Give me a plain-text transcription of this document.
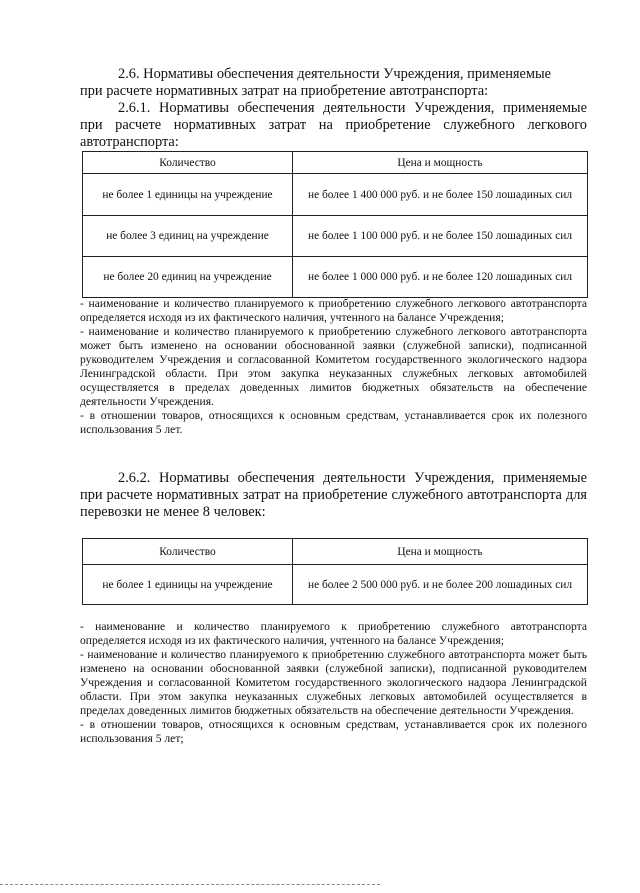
2.6. Нормативы обеспечения деятельности Учреждения, применяемые
при расчете нормативных затрат на приобретение автотранспорта:
2.6.1. Нормативы обеспечения деятельности Учреждения, применяемые при расчете нормативных затрат на приобретение служебного легкового автотранспорта:
Количество	Цена и мощность
не более 1 единицы на учреждение	не более 1 400 000 руб. и не более 150 лошадиных сил
не более 3 единиц на учреждение	не более 1 100 000 руб. и не более 150 лошадиных сил
не более 20 единиц на учреждение	не более 1 000 000 руб. и не более 120 лошадиных сил
- наименование и количество планируемого к приобретению служебного легкового автотранспорта определяется исходя из их фактического наличия, учтенного на балансе Учреждения;
- наименование и количество планируемого к приобретению служебного легкового автотранспорта может быть изменено на основании обоснованной заявки (служебной записки), подписанной руководителем Учреждения и согласованной Комитетом государственного экологического надзора Ленинградской области. При этом закупка неуказанных служебных легковых автомобилей осуществляется в пределах доведенных лимитов бюджетных обязательств на обеспечение деятельности Учреждения.
- в отношении товаров, относящихся к основным средствам, устанавливается срок их полезного использования 5 лет.
2.6.2. Нормативы обеспечения деятельности Учреждения, применяемые при расчете нормативных затрат на приобретение служебного автотранспорта для перевозки не менее 8 человек:
Количество	Цена и мощность
не более 1 единицы на учреждение	не более 2 500 000 руб. и не более 200 лошадиных сил
- наименование и количество планируемого к приобретению служебного автотранспорта определяется исходя из их фактического наличия, учтенного на балансе Учреждения;
- наименование и количество планируемого к приобретению служебного автотранспорта может быть изменено на основании обоснованной заявки (служебной записки), подписанной руководителем Учреждения и согласованной Комитетом государственного экологического надзора Ленинградской области. При этом закупка неуказанных служебных легковых автомобилей осуществляется в пределах доведенных лимитов бюджетных обязательств на обеспечение деятельности Учреждения.
- в отношении товаров, относящихся к основным средствам, устанавливается срок их полезного использования 5 лет;
